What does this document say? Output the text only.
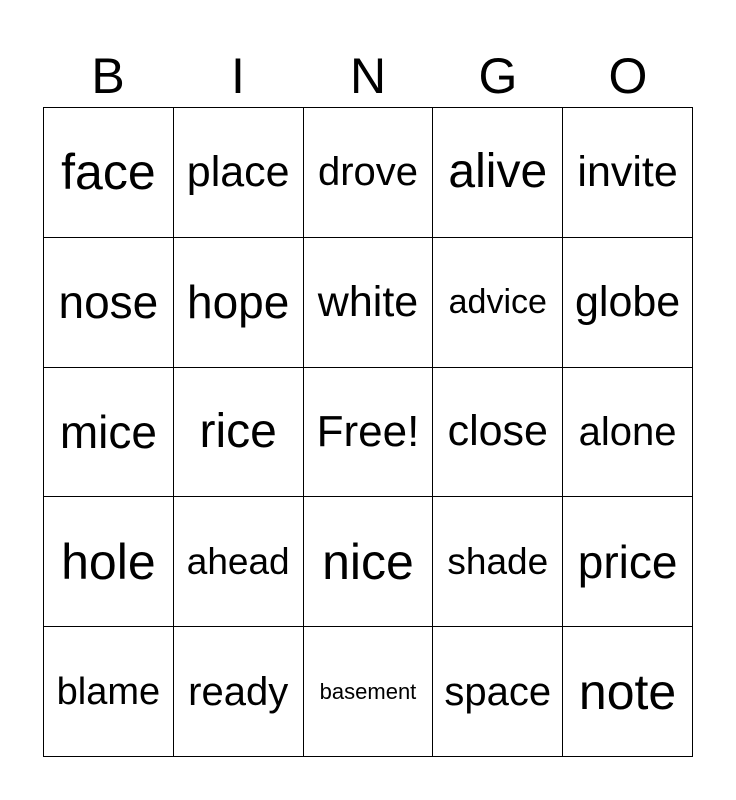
B	I	N	G	O
face place drove alive invite
nose hope white advice globe
mice rice Free! close alone
hole ahead nice shade price
blame ready	basement space note
